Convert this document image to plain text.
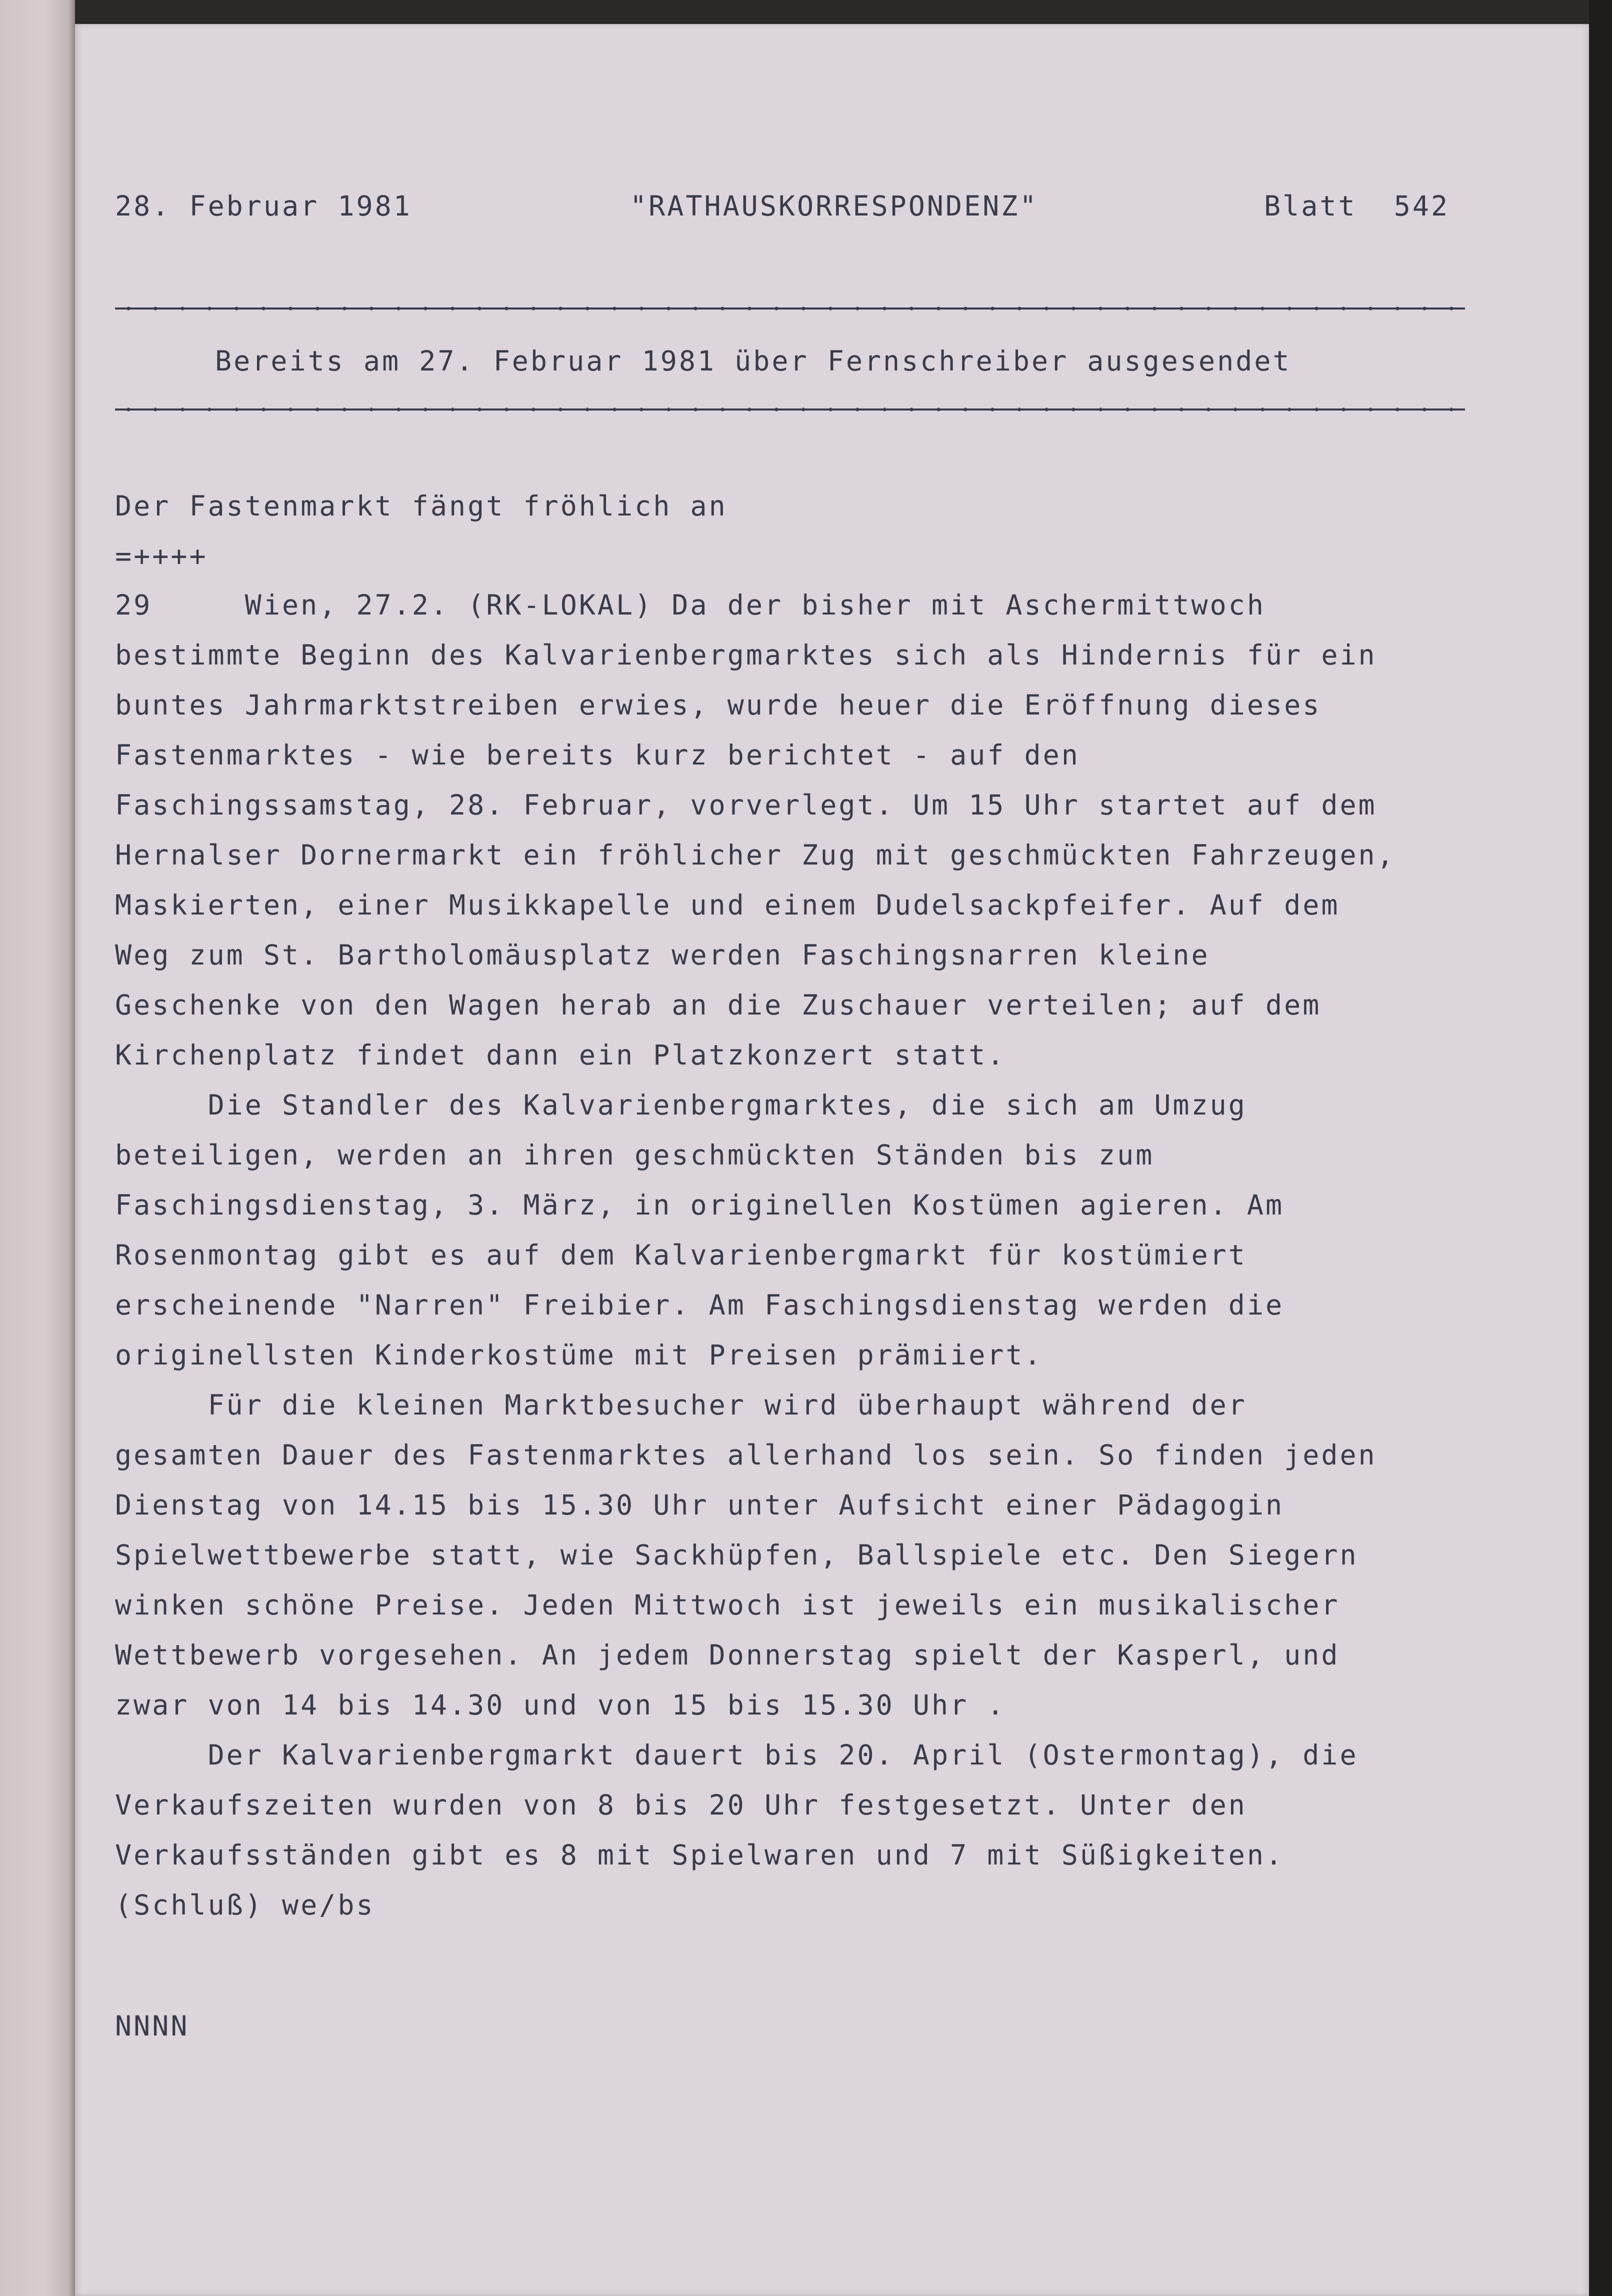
28. Februar 1981	"RATHAUSKORRESPONDENZ"	Blatt  542

Bereits am 27. Februar 1981 über Fernschreiber ausgesendet

Der Fastenmarkt fängt fröhlich an

=++++

29     Wien, 27.2. (RK-LOKAL) Da der bisher mit Aschermittwoch

bestimmte Beginn des Kalvarienbergmarktes sich als Hindernis für ein

buntes Jahrmarktstreiben erwies, wurde heuer die Eröffnung dieses

Fastenmarktes - wie bereits kurz berichtet - auf den

Faschingssamstag, 28. Februar, vorverlegt. Um 15 Uhr startet auf dem

Hernalser Dornermarkt ein fröhlicher Zug mit geschmückten Fahrzeugen,

Maskierten, einer Musikkapelle und einem Dudelsackpfeifer. Auf dem

Weg zum St. Bartholomäusplatz werden Faschingsnarren kleine

Geschenke von den Wagen herab an die Zuschauer verteilen; auf dem

Kirchenplatz findet dann ein Platzkonzert statt.

Die Standler des Kalvarienbergmarktes, die sich am Umzug

beteiligen, werden an ihren geschmückten Ständen bis zum

Faschingsdienstag, 3. März, in originellen Kostümen agieren. Am

Rosenmontag gibt es auf dem Kalvarienbergmarkt für kostümiert

erscheinende "Narren" Freibier. Am Faschingsdienstag werden die

originellsten Kinderkostüme mit Preisen prämiiert.

Für die kleinen Marktbesucher wird überhaupt während der

gesamten Dauer des Fastenmarktes allerhand los sein. So finden jeden

Dienstag von 14.15 bis 15.30 Uhr unter Aufsicht einer Pädagogin

Spielwettbewerbe statt, wie Sackhüpfen, Ballspiele etc. Den Siegern

winken schöne Preise. Jeden Mittwoch ist jeweils ein musikalischer

Wettbewerb vorgesehen. An jedem Donnerstag spielt der Kasperl, und

zwar von 14 bis 14.30 und von 15 bis 15.30 Uhr .

Der Kalvarienbergmarkt dauert bis 20. April (Ostermontag), die

Verkaufszeiten wurden von 8 bis 20 Uhr festgesetzt. Unter den

Verkaufsständen gibt es 8 mit Spielwaren und 7 mit Süßigkeiten.

(Schluß) we/bs

NNNN
